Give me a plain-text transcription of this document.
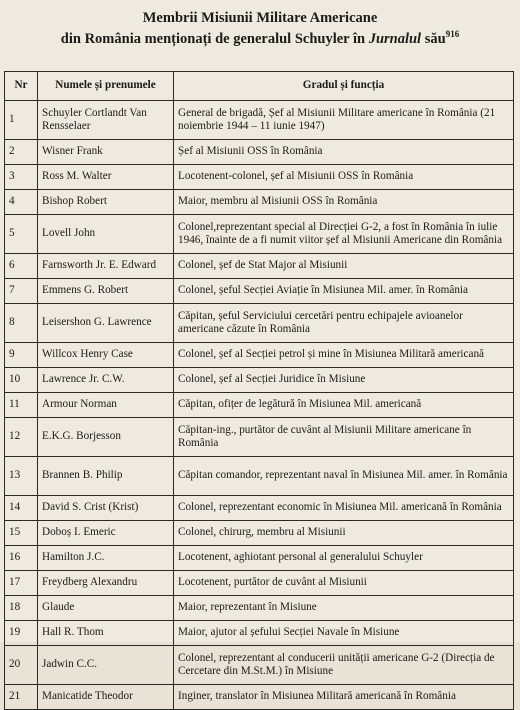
Membrii Misiunii Militare Americane
din România menționați de generalul Schuyler în Jurnalul său$^{916}$
Nr	Numele și prenumele	Gradul și funcția
1	Schuyler Cortlandt Van Rensselaer	General de brigadă, Șef al Misiunii Militare americane în România (21 noiembrie 1944 – 11 iunie 1947)
2	Wisner Frank	Șef al Misiunii OSS în România
3	Ross M. Walter	Locotenent-colonel, șef al Misiunii OSS în România
4	Bishop Robert	Maior, membru al Misiunii OSS în România
5	Lovell John	Colonel,reprezentant special al Direcției G-2, a fost în România în iulie 1946, înainte de a fi numit viitor șef al Misiunii Americane din România
6	Farnsworth Jr. E. Edward	Colonel, șef de Stat Major al Misiunii
7	Emmens G. Robert	Colonel, șeful Secției Aviație în Misiunea Mil. amer. în România
8	Leisershon G. Lawrence	Căpitan, șeful Serviciului cercetări pentru echipajele avioanelor americane căzute în România
9	Willcox Henry Case	Colonel, șef al Secției petrol și mine în Misiunea Militară americană
10	Lawrence Jr. C.W.	Colonel, șef al Secției Juridice în Misiune
11	Armour Norman	Căpitan, ofițer de legătură în Misiunea Mil. americană
12	E.K.G. Borjesson	Căpitan-ing., purtător de cuvânt al Misiunii Militare americane în România
13	Brannen B. Philip	Căpitan comandor, reprezentant naval în Misiunea Mil. amer. în România
14	David S. Crist (Krist)	Colonel, reprezentant economic în Misiunea Mil. americană în România
15	Doboș I. Emeric	Colonel, chirurg, membru al Misiunii
16	Hamilton J.C.	Locotenent, aghiotant personal al generalului Schuyler
17	Freydberg Alexandru	Locotenent, purtător de cuvânt al Misiunii
18	Glaude	Maior, reprezentant în Misiune
19	Hall R. Thom	Maior, ajutor al șefului Secției Navale în Misiune
20	Jadwin C.C.	Colonel, reprezentant al conducerii unității americane G-2 (Direcția de Cercetare din M.St.M.) în Misiune
21	Manicatide Theodor	Inginer, translator în Misiunea Militară americană în România
